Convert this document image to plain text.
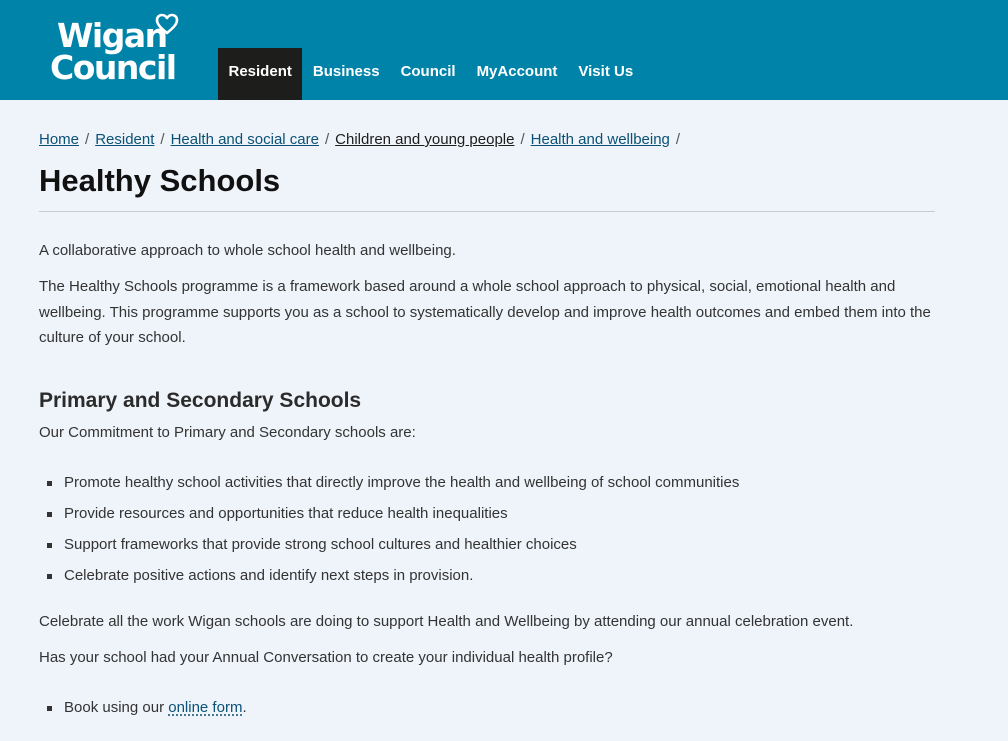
Wigan
Council	Resident	Business	Council	MyAccount	Visit Us
Home / Resident / Health and social care / Children and young people / Health and wellbeing /
Healthy Schools

A collaborative approach to whole school health and wellbeing.

The Healthy Schools programme is a framework based around a whole school approach to physical, social, emotional health and wellbeing. This programme supports you as a school to systematically develop and improve health outcomes and embed them into the culture of your school.

Primary and Secondary Schools

Our Commitment to Primary and Secondary schools are:

Promote healthy school activities that directly improve the health and wellbeing of school communities
Provide resources and opportunities that reduce health inequalities
Support frameworks that provide strong school cultures and healthier choices
Celebrate positive actions and identify next steps in provision.

Celebrate all the work Wigan schools are doing to support Health and Wellbeing by attending our annual celebration event.

Has your school had your Annual Conversation to create your individual health profile?

Book using our online form.
